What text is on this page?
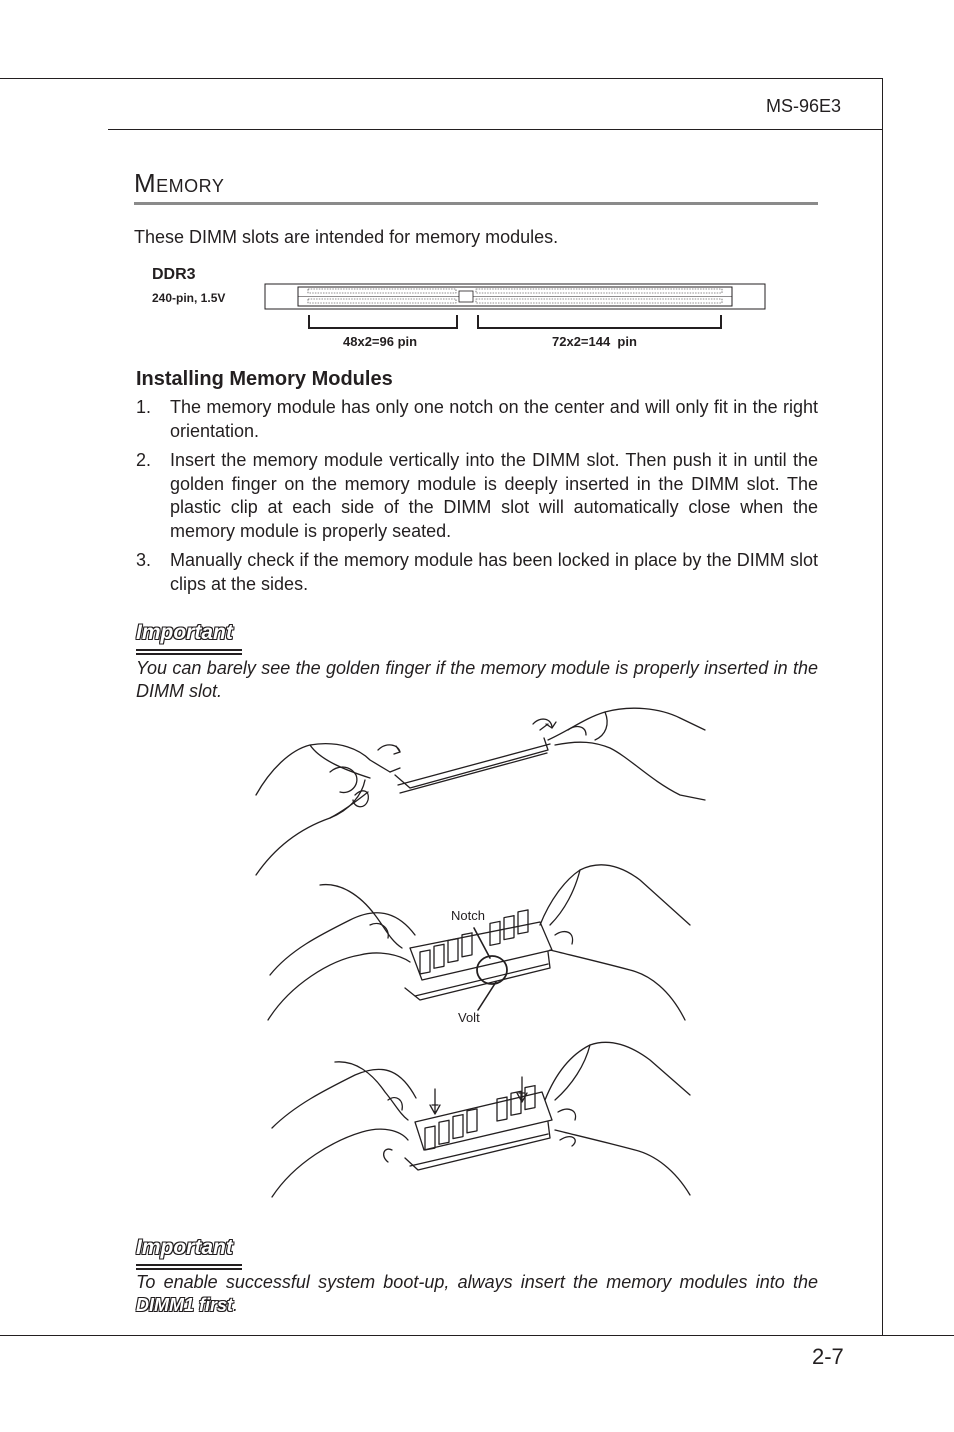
MS-96E3
MEMORY
These DIMM slots are intended for memory modules.
DDR3
240-pin, 1.5V
48x2=96 pin	72x2=144  pin
Installing Memory Modules
1.	The memory module has only one notch on the center and will only fit in the right orientation.
2.	Insert the memory module vertically into the DIMM slot. Then push it in until the golden finger on the memory module is deeply inserted in the DIMM slot. The plastic clip at each side of the DIMM slot will automatically close when the memory module is properly seated.
3.	Manually check if the memory module has been locked in place by the DIMM slot clips at the sides.
Important
You can barely see the golden finger if the memory module is properly inserted in the DIMM slot.
Notch
Volt
Important
To enable successful system boot-up, always insert the memory modules into the DIMM1 first.
2-7
